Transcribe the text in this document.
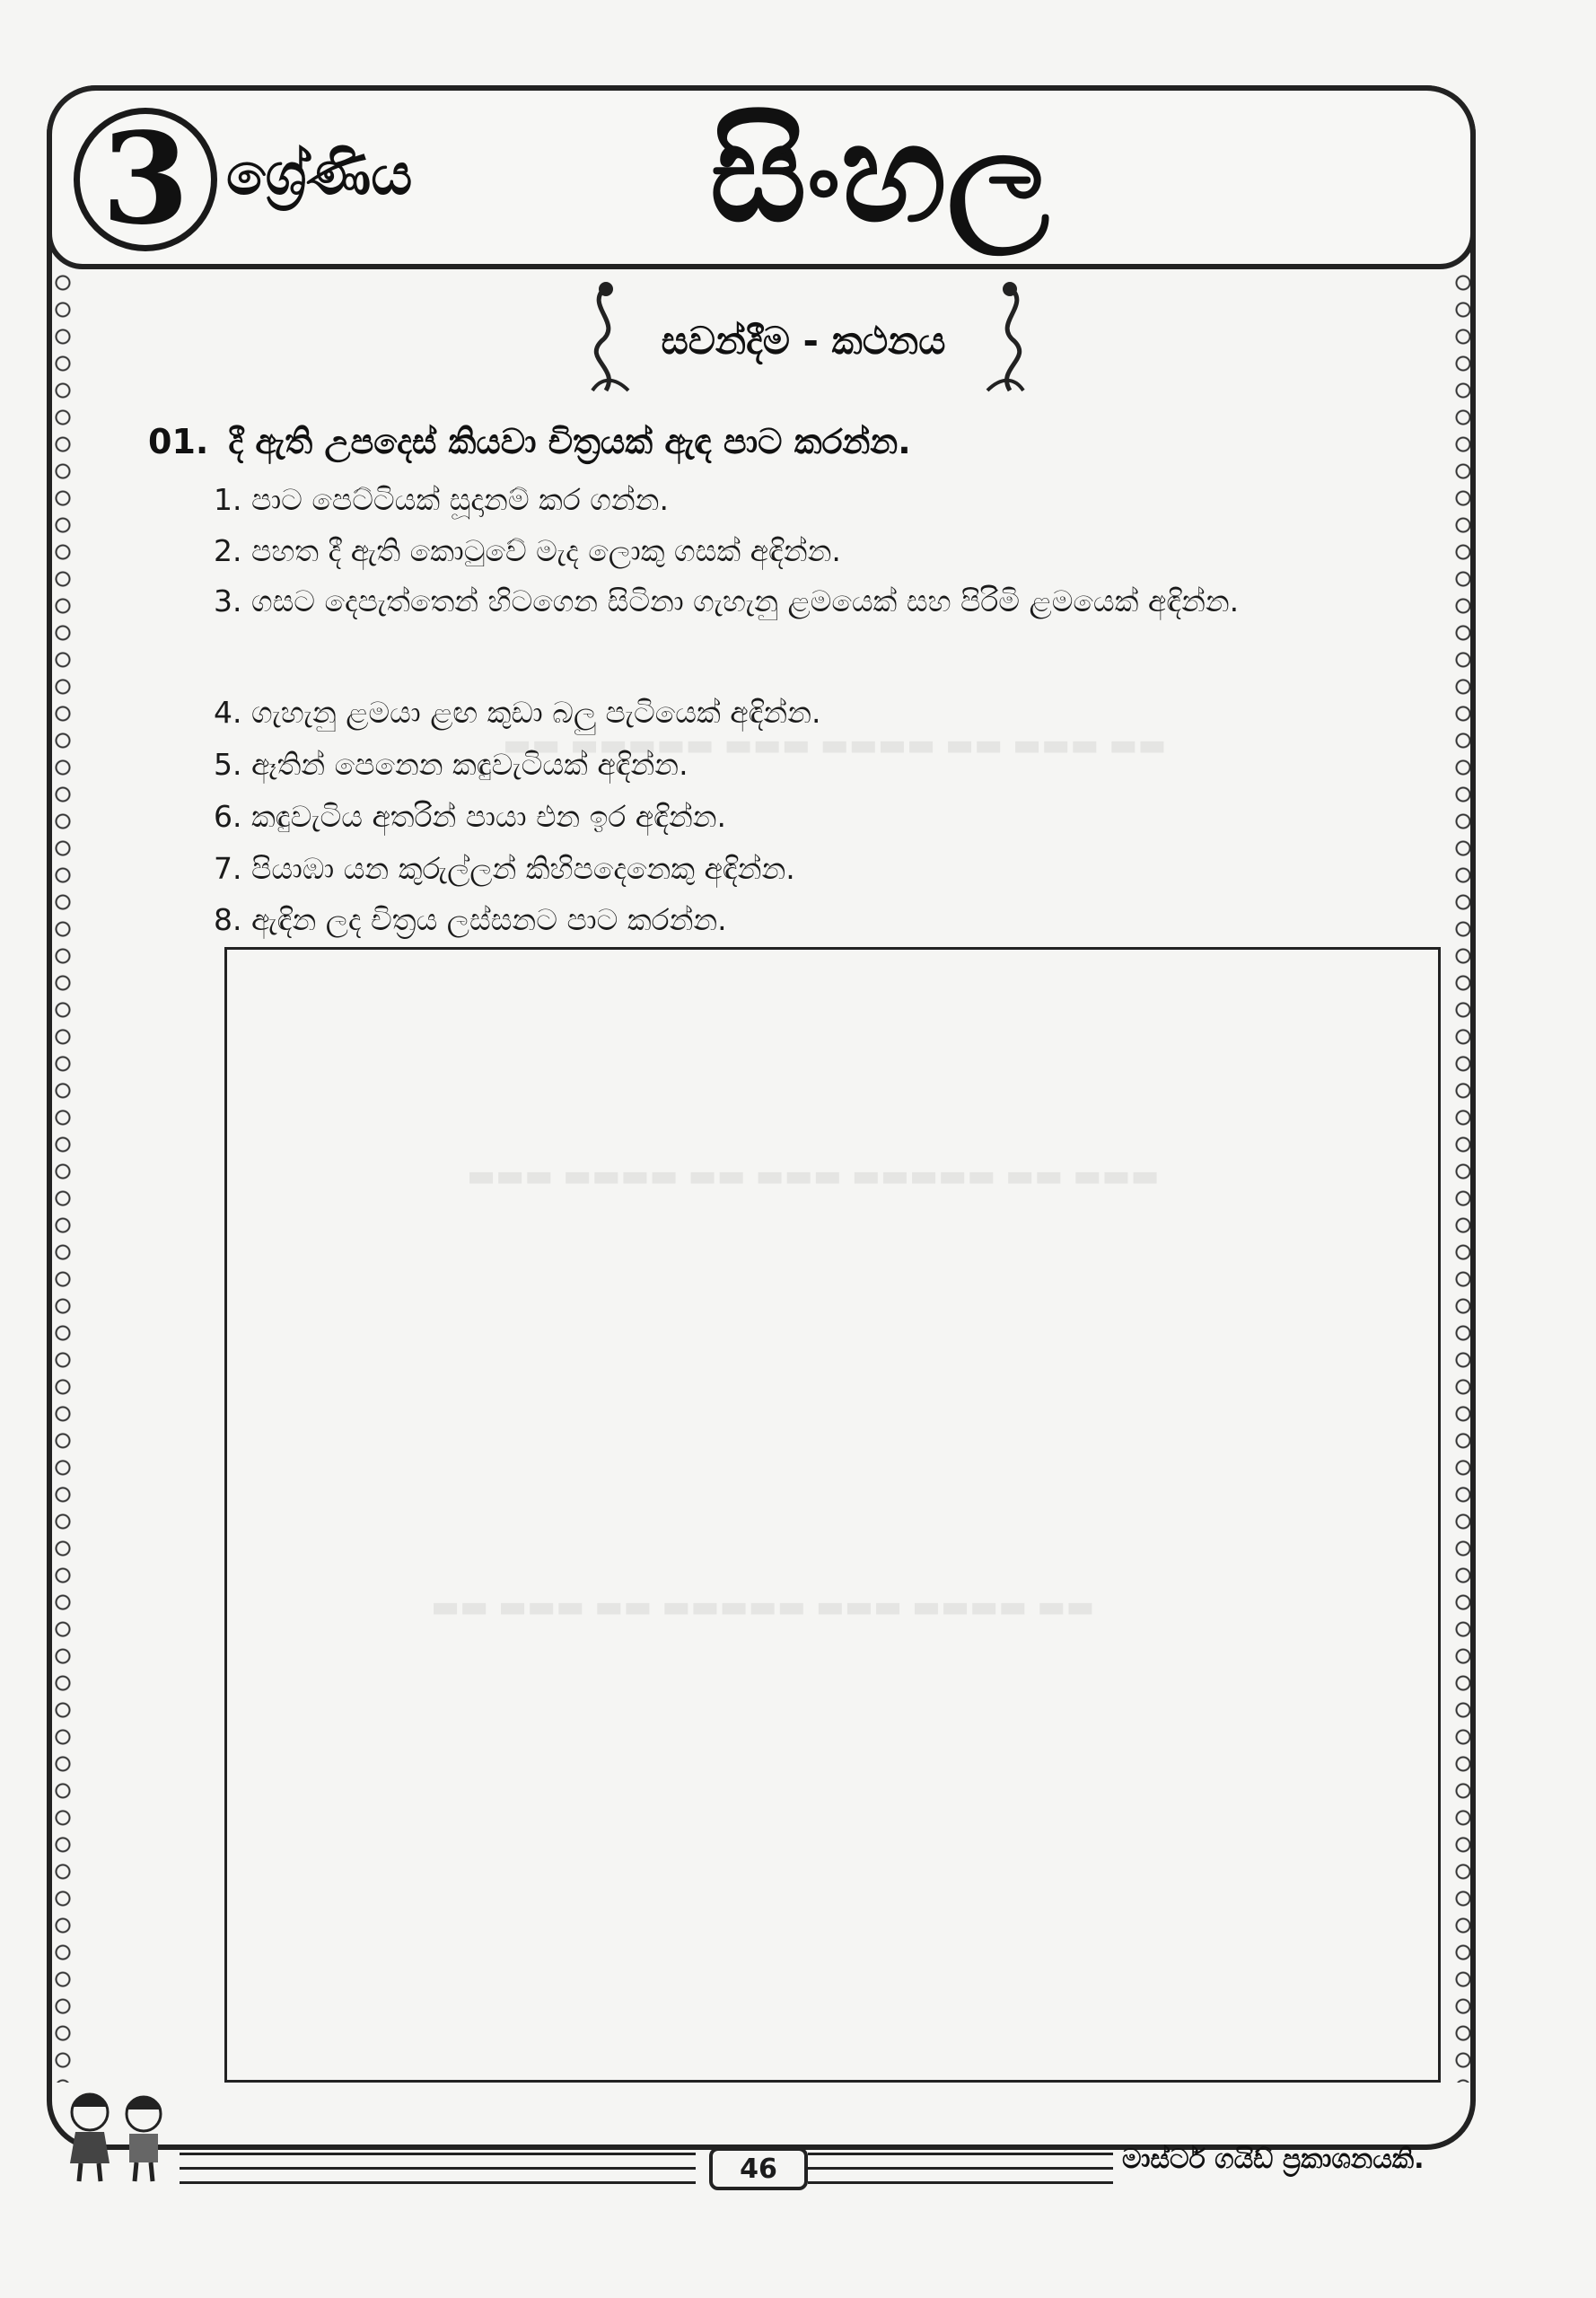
▬▬ ▬▬▬ ▬▬ ▬▬▬▬ ▬▬▬ ▬▬▬▬▬ ▬▬
▬▬▬ ▬▬ ▬▬▬▬▬ ▬▬▬ ▬▬ ▬▬▬▬ ▬▬▬
▬▬ ▬▬▬▬ ▬▬▬ ▬▬▬▬▬ ▬▬ ▬▬▬ ▬▬
3 ශ්‍රේණිය	සිංහල
සවන්දීම - කථනය
01. දී ඇති උපදෙස් කියවා චිත්‍රයක් ඇඳ පාට කරන්න.
1. පාට පෙට්ටියක් සූදානම් කර ගන්න.
2. පහත දී ඇති කොටුවේ මැද ලොකු ගසක් අඳින්න.
3. ගසට දෙපැත්තෙන් හිටගෙන සිටිනා ගැහැනු ළමයෙක් සහ පිරිමි ළමයෙක් අඳින්න.
4. ගැහැනු ළමයා ළඟ කුඩා බලු පැටියෙක් අඳින්න.
5. ඈතින් පෙනෙන කඳුවැටියක් අඳින්න.
6. කඳුවැටිය අතරින් පායා එන ඉර අඳින්න.
7. පියාඹා යන කුරුල්ලන් කිහිපදෙනෙකු අඳින්න.
8. ඇඳින ලද චිත්‍රය ලස්සනට පාට කරන්න.
46	මාස්ටර් ගයිඩ් ප්‍රකාශනයකි.
